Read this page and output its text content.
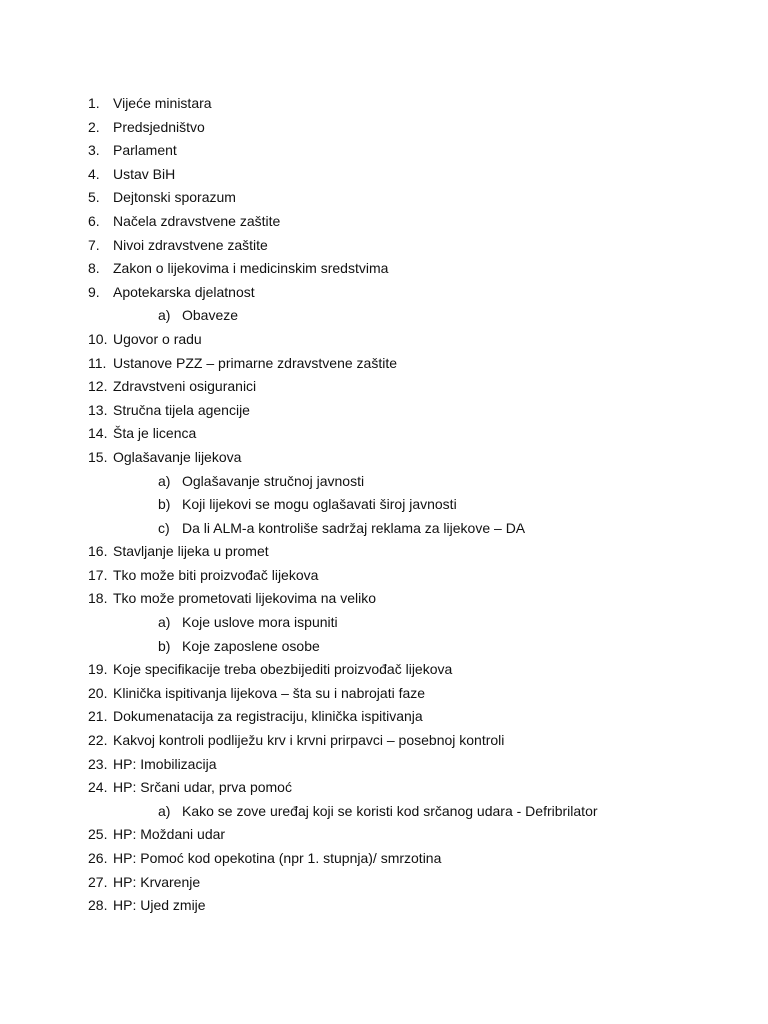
1. Vijeće ministara
2. Predsjedništvo
3. Parlament
4. Ustav BiH
5. Dejtonski sporazum
6. Načela zdravstvene zaštite
7. Nivoi zdravstvene zaštite
8. Zakon o lijekovima i medicinskim sredstvima
9. Apotekarska djelatnost
a) Obaveze
10. Ugovor o radu
11. Ustanove PZZ – primarne zdravstvene zaštite
12. Zdravstveni osiguranici
13. Stručna tijela agencije
14. Šta je licenca
15. Oglašavanje lijekova
a) Oglašavanje stručnoj javnosti
b) Koji lijekovi se mogu oglašavati široj javnosti
c) Da li ALM-a kontroliše sadržaj reklama za lijekove – DA
16. Stavljanje lijeka u promet
17. Tko može biti proizvođač lijekova
18. Tko može prometovati lijekovima na veliko
a) Koje uslove mora ispuniti
b) Koje zaposlene osobe
19. Koje specifikacije treba obezbijediti proizvođač lijekova
20. Klinička ispitivanja lijekova – šta su i nabrojati faze
21. Dokumenatacija za registraciju, klinička ispitivanja
22. Kakvoj kontroli podliježu krv i krvni prirpavci – posebnoj kontroli
23. HP: Imobilizacija
24. HP: Srčani udar, prva pomoć
a) Kako se zove uređaj koji se koristi kod srčanog udara - Defribrilator
25. HP: Moždani udar
26. HP: Pomoć kod opekotina (npr 1. stupnja)/ smrzotina
27. HP: Krvarenje
28. HP: Ujed zmije
